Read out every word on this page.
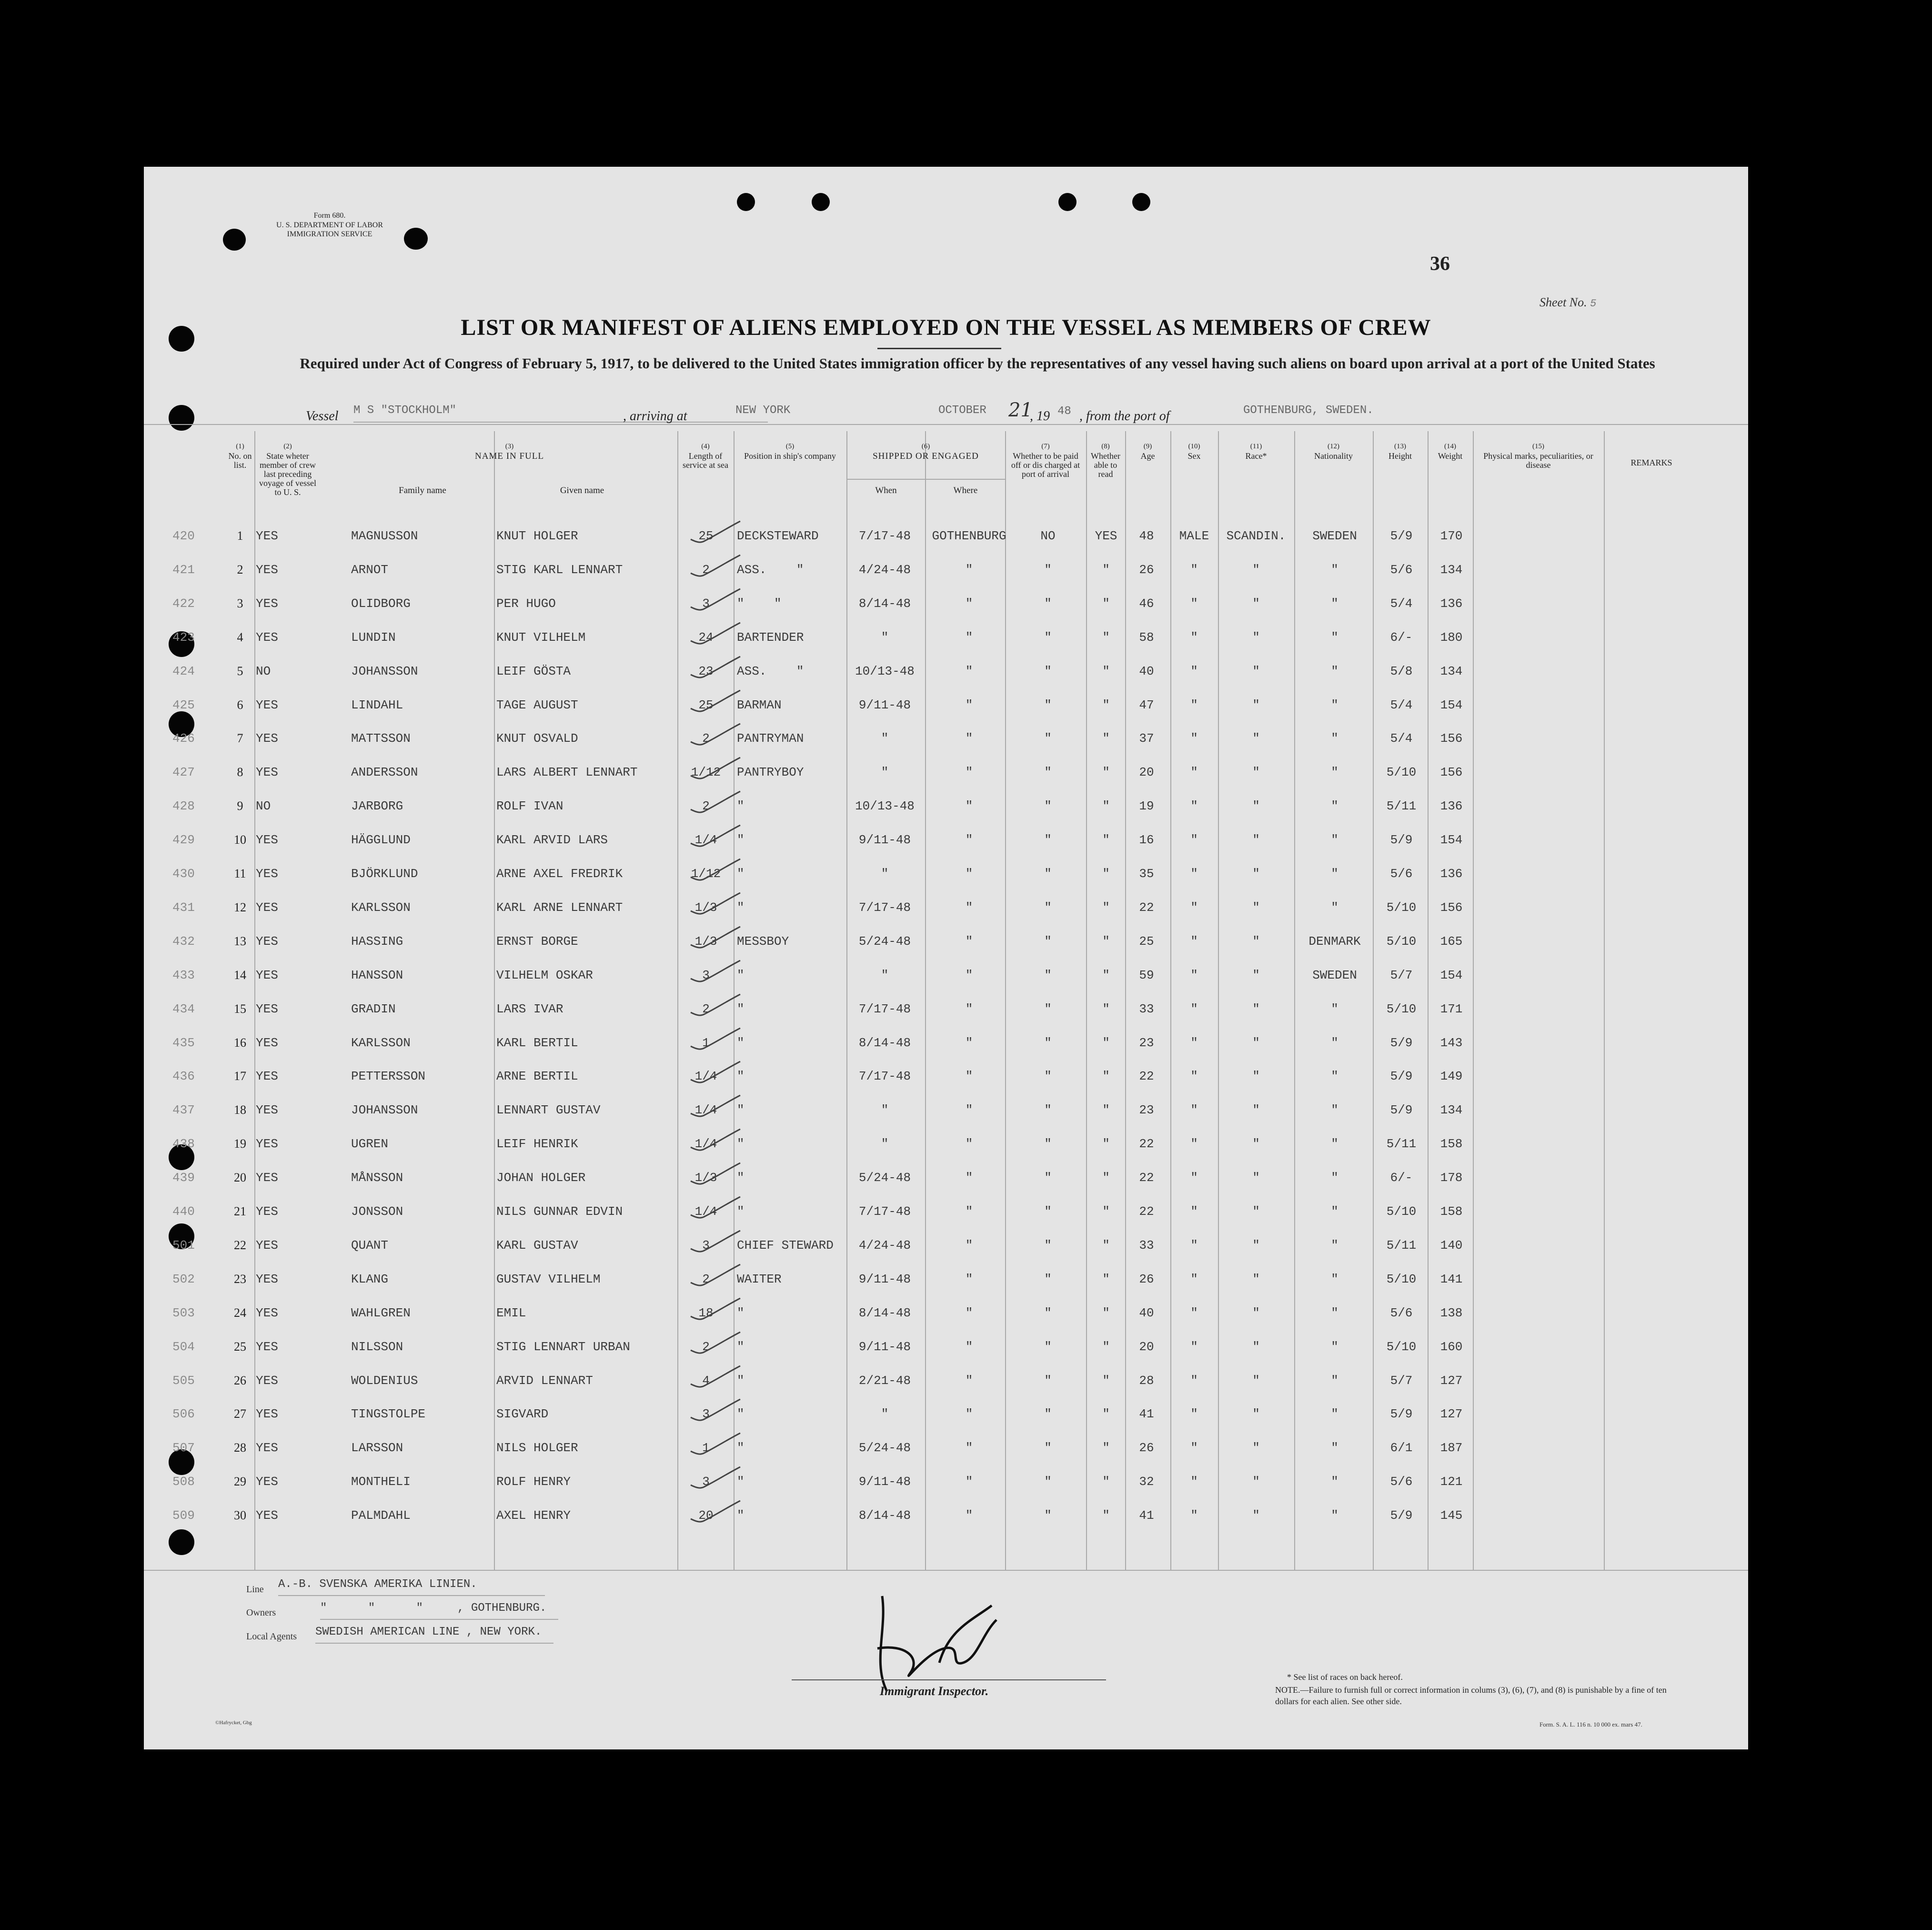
Form 680.
U. S. DEPARTMENT OF LABOR
IMMIGRATION SERVICE
36
Sheet No. 5
LIST OR MANIFEST OF ALIENS EMPLOYED ON THE VESSEL AS MEMBERS OF CREW
Required under Act of Congress of February 5, 1917, to be delivered to the United States immigration officer by the representatives of any vessel having such aliens on board upon arrival at a port of the United States
Vessel M S "STOCKHOLM"	, arriving at	NEW YORK	OCTOBER 21
, 19 48 , from the port of	GOTHENBURG, SWEDEN.
Line A.-B. SVENSKA AMERIKA LINIEN.
Owners	"      "      "     , GOTHENBURG.
Local Agents SWEDISH AMERICAN LINE , NEW YORK.
Immigrant Inspector.
* See list of races on back hereof.
NOTE.—Failure to furnish full or correct information in colums (3), (6), (7), and (8) is punishable by a fine of ten dollars for each alien. See other side.
©Hafrycket, Gbg	Form. S. A. L. 116 n. 10 000 ex. mars 47.
(1)
No. on list.
(2)
State wheter member of crew last preceding voyage of vessel to U. S.
(3)
NAME IN FULL
(4)
Length of service at sea
(5)
Position in ship's company
(6)
SHIPPED OR ENGAGED
(7)
Whether to be paid off or dis charged at port of arrival
(8)
Whether able to read
(9)
Age
(10)
Sex
(11)
Race*
(12)
Nationality
(13)
Height
(14)
Weight
(15)
Physical marks, peculiarities, or disease
Family name	Given name	When	Where
REMARKS
420	1	YES	MAGNUSSON	KNUT HOLGER	25	DECKSTEWARD	7/17-48	GOTHENBURG	NO	YES	48	MALE	SCANDIN.	SWEDEN	5/9	170
421	2	YES	ARNOT	STIG KARL LENNART	2	ASS.    "	4/24-48	"	"	"	26	"	"	"	5/6	134
422	3	YES	OLIDBORG	PER HUGO	3	"    "	8/14-48	"	"	"	46	"	"	"	5/4	136
423	4	YES	LUNDIN	KNUT VILHELM	24	BARTENDER	"	"	"	"	58	"	"	"	6/-	180
424	5	NO	JOHANSSON	LEIF GÖSTA	23	ASS.    "	10/13-48	"	"	"	40	"	"	"	5/8	134
425	6	YES	LINDAHL	TAGE AUGUST	25	BARMAN	9/11-48	"	"	"	47	"	"	"	5/4	154
426	7	YES	MATTSSON	KNUT OSVALD	2	PANTRYMAN	"	"	"	"	37	"	"	"	5/4	156
427	8	YES	ANDERSSON	LARS ALBERT LENNART	1/12	PANTRYBOY	"	"	"	"	20	"	"	"	5/10	156
428	9	NO	JARBORG	ROLF IVAN	2	"	10/13-48	"	"	"	19	"	"	"	5/11	136
429	10 YES	HÄGGLUND	KARL ARVID LARS	1/4	"	9/11-48	"	"	"	16	"	"	"	5/9	154
430	11 YES	BJÖRKLUND	ARNE AXEL FREDRIK	1/12	"	"	"	"	"	35	"	"	"	5/6	136
431	12 YES	KARLSSON	KARL ARNE LENNART	1/3	"	7/17-48	"	"	"	22	"	"	"	5/10	156
432	13 YES	HASSING	ERNST BORGE	1/3	MESSBOY	5/24-48	"	"	"	25	"	"	DENMARK	5/10	165
433	14 YES	HANSSON	VILHELM OSKAR	3	"	"	"	"	"	59	"	"	SWEDEN	5/7	154
434	15 YES	GRADIN	LARS IVAR	2	"	7/17-48	"	"	"	33	"	"	"	5/10	171
435	16 YES	KARLSSON	KARL BERTIL	1	"	8/14-48	"	"	"	23	"	"	"	5/9	143
436	17 YES	PETTERSSON	ARNE BERTIL	1/4	"	7/17-48	"	"	"	22	"	"	"	5/9	149
437	18 YES	JOHANSSON	LENNART GUSTAV	1/4	"	"	"	"	"	23	"	"	"	5/9	134
438	19 YES	UGREN	LEIF HENRIK	1/4	"	"	"	"	"	22	"	"	"	5/11	158
439	20 YES	MÅNSSON	JOHAN HOLGER	1/3	"	5/24-48	"	"	"	22	"	"	"	6/-	178
440	21 YES	JONSSON	NILS GUNNAR EDVIN	1/4	"	7/17-48	"	"	"	22	"	"	"	5/10	158
501	22 YES	QUANT	KARL GUSTAV	3	CHIEF STEWARD	4/24-48	"	"	"	33	"	"	"	5/11	140
502	23 YES	KLANG	GUSTAV VILHELM	2	WAITER	9/11-48	"	"	"	26	"	"	"	5/10	141
503	24 YES	WAHLGREN	EMIL	18	"	8/14-48	"	"	"	40	"	"	"	5/6	138
504	25 YES	NILSSON	STIG LENNART URBAN	2	"	9/11-48	"	"	"	20	"	"	"	5/10	160
505	26 YES	WOLDENIUS	ARVID LENNART	4	"	2/21-48	"	"	"	28	"	"	"	5/7	127
506	27 YES	TINGSTOLPE	SIGVARD	3	"	"	"	"	"	41	"	"	"	5/9	127
507	28 YES	LARSSON	NILS HOLGER	1	"	5/24-48	"	"	"	26	"	"	"	6/1	187
508	29 YES	MONTHELI	ROLF HENRY	3	"	9/11-48	"	"	"	32	"	"	"	5/6	121
509	30 YES	PALMDAHL	AXEL HENRY	20	"	8/14-48	"	"	"	41	"	"	"	5/9	145
